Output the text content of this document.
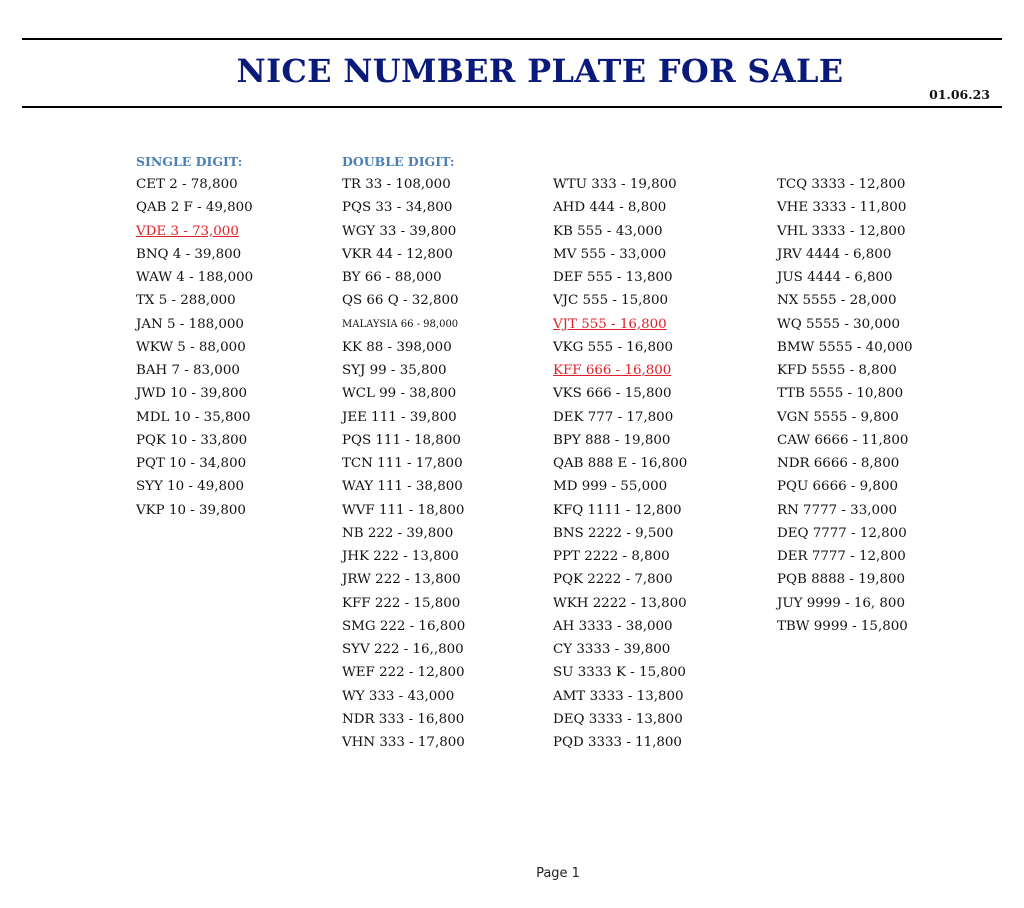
NICE NUMBER PLATE FOR SALE
01.06.23
SINGLE DIGIT:
CET 2 - 78,800
QAB 2 F - 49,800
VDE 3 - 73,000
BNQ 4 - 39,800
WAW 4 - 188,000
TX 5 - 288,000
JAN 5 - 188,000
WKW 5 - 88,000
BAH 7 - 83,000
JWD 10 - 39,800
MDL 10 - 35,800
PQK 10 - 33,800
PQT 10 - 34,800
SYY 10 - 49,800
VKP 10 - 39,800
DOUBLE DIGIT:
TR 33 - 108,000
PQS 33 - 34,800
WGY 33 - 39,800
VKR 44 - 12,800
BY 66 - 88,000
QS 66 Q - 32,800
MALAYSIA 66 - 98,000
KK 88 - 398,000
SYJ 99 - 35,800
WCL 99 - 38,800
JEE 111 - 39,800
PQS 111 - 18,800
TCN 111 - 17,800
WAY 111 - 38,800
WVF 111 - 18,800
NB 222 - 39,800
JHK 222 - 13,800
JRW 222 - 13,800
KFF 222 - 15,800
SMG 222 - 16,800
SYV 222 - 16,,800
WEF 222 - 12,800
WY 333 - 43,000
NDR 333 - 16,800
VHN 333 - 17,800
WTU 333 - 19,800
AHD 444 - 8,800
KB 555 - 43,000
MV 555 - 33,000
DEF 555 - 13,800
VJC 555 - 15,800
VJT 555 - 16,800
VKG 555 - 16,800
KFF 666 - 16,800
VKS 666 - 15,800
DEK 777 - 17,800
BPY 888 - 19,800
QAB 888 E - 16,800
MD 999 - 55,000
KFQ 1111 - 12,800
BNS 2222 - 9,500
PPT 2222 - 8,800
PQK 2222 - 7,800
WKH 2222 - 13,800
AH 3333 - 38,000
CY 3333 - 39,800
SU 3333 K - 15,800
AMT 3333 - 13,800
DEQ 3333 - 13,800
PQD 3333 - 11,800
TCQ 3333 - 12,800
VHE 3333 - 11,800
VHL 3333 - 12,800
JRV 4444 - 6,800
JUS 4444 - 6,800
NX 5555 - 28,000
WQ 5555 - 30,000
BMW 5555 - 40,000
KFD 5555 - 8,800
TTB 5555 - 10,800
VGN 5555 - 9,800
CAW 6666 - 11,800
NDR 6666 - 8,800
PQU 6666 - 9,800
RN 7777 - 33,000
DEQ 7777 - 12,800
DER 7777 - 12,800
PQB 8888 - 19,800
JUY 9999 - 16, 800
TBW 9999 - 15,800
Page 1
